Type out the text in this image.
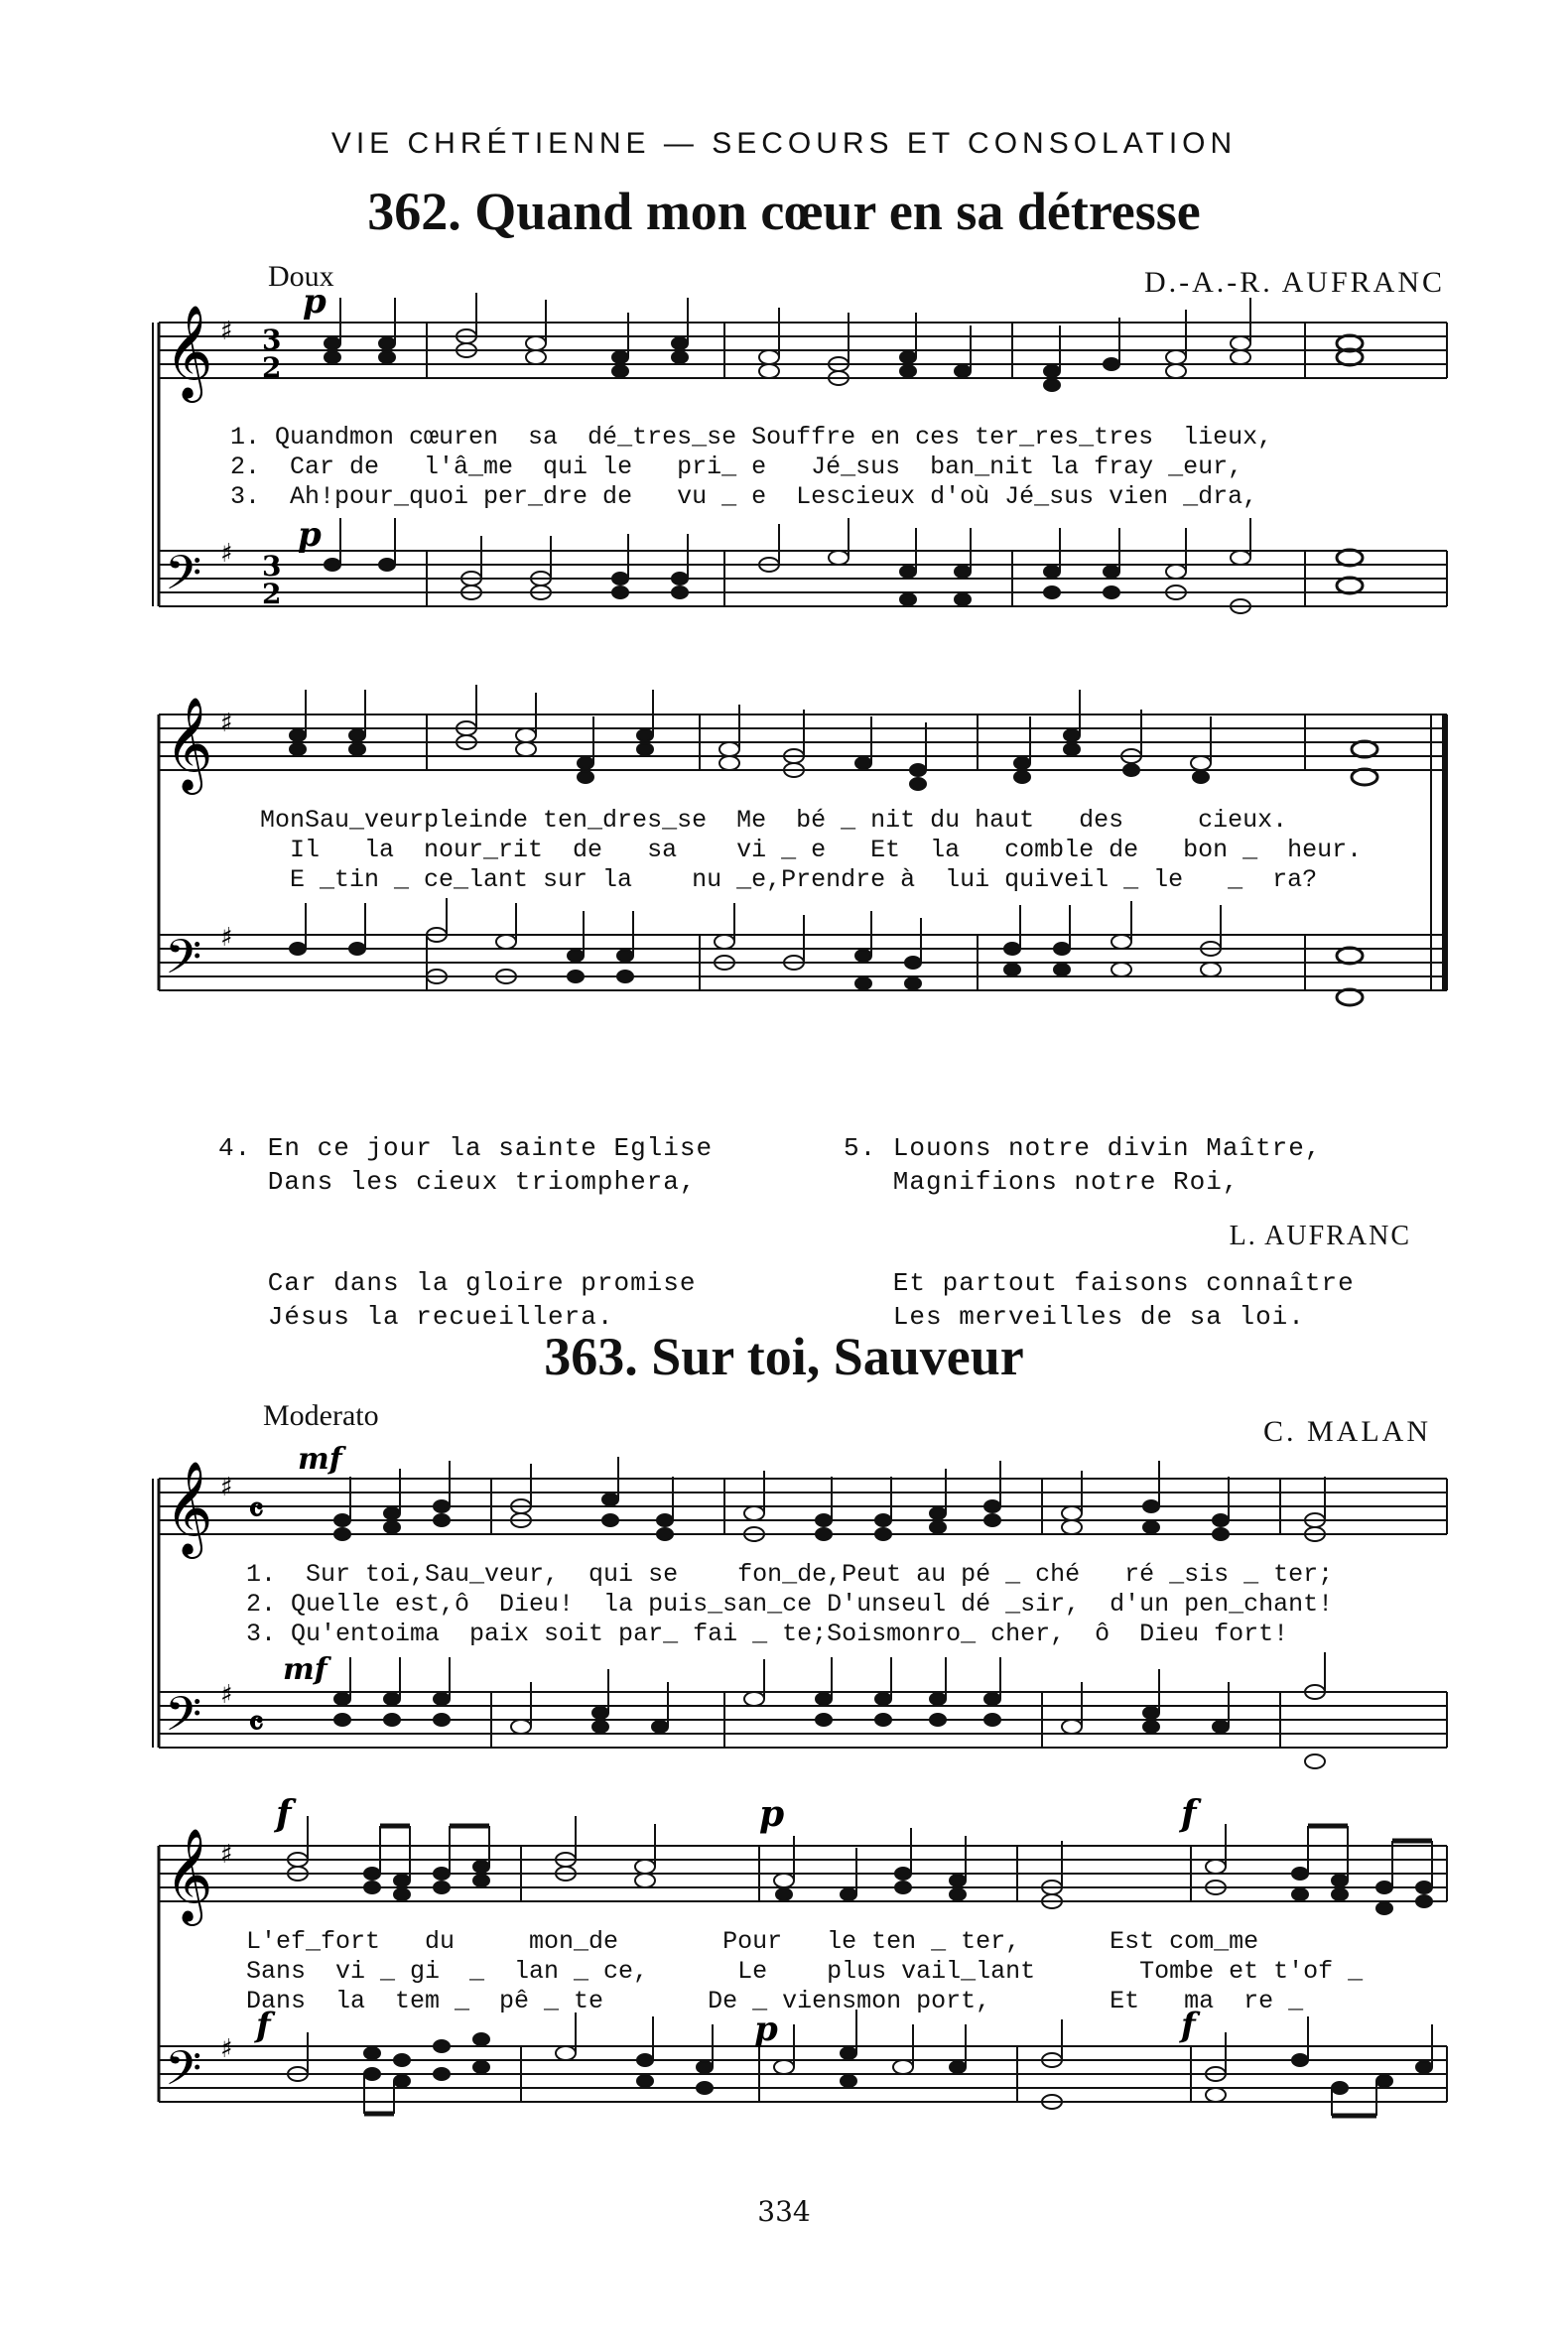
VIE CHRÉTIENNE — SECOURS ET CONSOLATION
362. Quand mon cœur en sa détresse
Doux	D.-A.-R. AUFRANC
𝄞
𝄢
♯
♯
3
2
3
2
p
p
1. Quandmon cœuren  sa  dé_tres_se Souffre en ces ter_res_tres  lieux,
2.  Car de   l'â_me  qui le   pri_ e   Jé_sus  ban_nit la fray _eur,
3.  Ah!pour_quoi per_dre de   vu _ e  Lescieux d'où Jé_sus vien _dra,
𝄞
𝄢
♯
♯
MonSau_veurpleinde ten_dres_se  Me  bé _ nit du haut   des     cieux.
Il   la  nour_rit  de   sa    vi _ e   Et  la   comble de   bon _  heur.
E _tin _ ce_lant sur la    nu _e,Prendre à  lui quiveil _ le   _  ra?

4. En ce jour la sainte Eglise
Dans les cieux triomphera,

Car dans la gloire promise
Jésus la recueillera.

5. Louons notre divin Maître,
Magnifions notre Roi,

Et partout faisons connaître
Les merveilles de sa loi.

L. AUFRANC
363. Sur toi, Sauveur
Moderato	C. MALAN
𝄞
𝄢
♯
♯
𝄴
𝄴
mf
mf
1.  Sur toi,Sau_veur,  qui se    fon_de,Peut au pé _ ché   ré _sis _ ter;
2. Quelle est,ô  Dieu!  la puis_san_ce D'unseul dé _sir,  d'un pen_chant!
3. Qu'entoima  paix soit par_ fai _ te;Soismonro_ cher,  ô  Dieu fort!
𝄞
𝄢
♯
♯
f	p	f
f	p	f
L'ef_fort   du     mon_de       Pour   le ten _ ter,      Est com_me
Sans  vi _ gi  _  lan _ ce,      Le    plus vail_lant       Tombe et t'of _
Dans  la  tem _  pê _ te       De _ viensmon port,        Et   ma  re _
334
